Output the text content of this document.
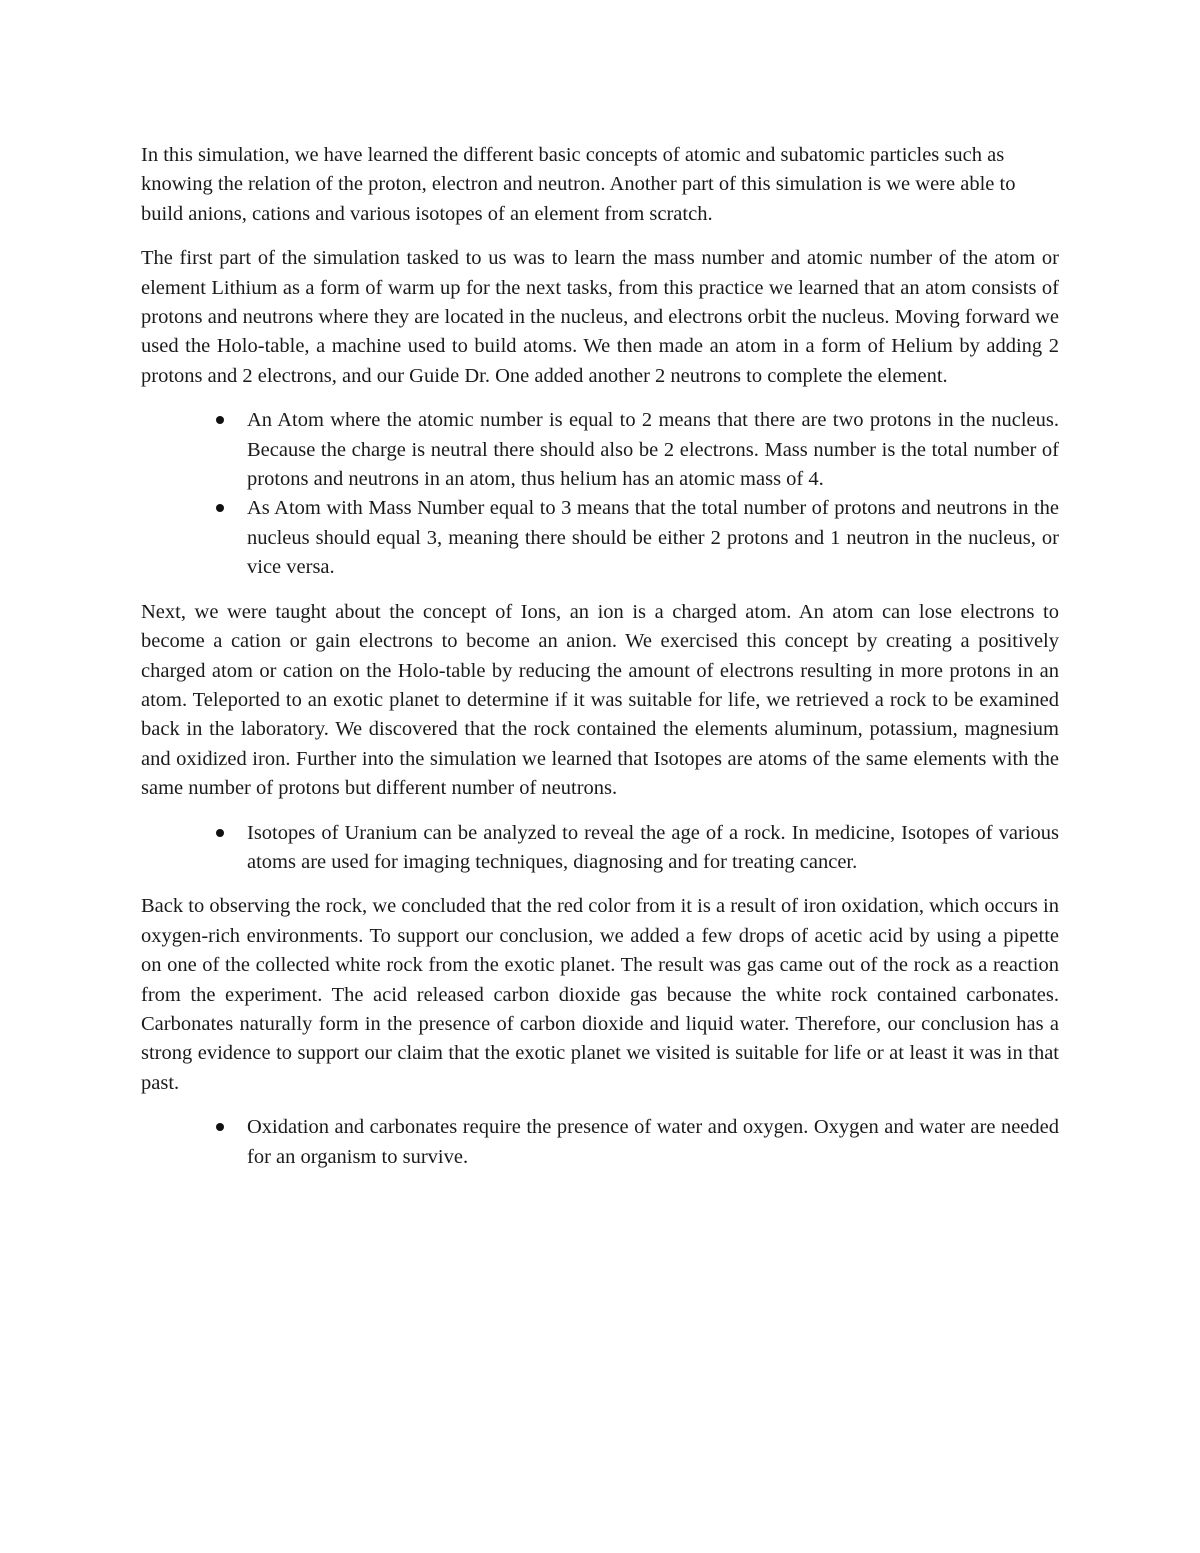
In this simulation, we have learned the different basic concepts of atomic and subatomic particles such as knowing the relation of the proton, electron and neutron. Another part of this simulation is we were able to build anions, cations and various isotopes of an element from scratch.

The first part of the simulation tasked to us was to learn the mass number and atomic number of the atom or element Lithium as a form of warm up for the next tasks, from this practice we learned that an atom consists of protons and neutrons where they are located in the nucleus, and electrons orbit the nucleus. Moving forward we used the Holo-table, a machine used to build atoms. We then made an atom in a form of Helium by adding 2 protons and 2 electrons, and our Guide Dr. One added another 2 neutrons to complete the element.

An Atom where the atomic number is equal to 2 means that there are two protons in the nucleus. Because the charge is neutral there should also be 2 electrons. Mass number is the total number of protons and neutrons in an atom, thus helium has an atomic mass of 4.
As Atom with Mass Number equal to 3 means that the total number of protons and neutrons in the nucleus should equal 3, meaning there should be either 2 protons and 1 neutron in the nucleus, or vice versa.

Next, we were taught about the concept of Ions, an ion is a charged atom. An atom can lose electrons to become a cation or gain electrons to become an anion. We exercised this concept by creating a positively charged atom or cation on the Holo-table by reducing the amount of electrons resulting in more protons in an atom. Teleported to an exotic planet to determine if it was suitable for life, we retrieved a rock to be examined back in the laboratory. We discovered that the rock contained the elements aluminum, potassium, magnesium and oxidized iron. Further into the simulation we learned that Isotopes are atoms of the same elements with the same number of protons but different number of neutrons.

Isotopes of Uranium can be analyzed to reveal the age of a rock. In medicine, Isotopes of various atoms are used for imaging techniques, diagnosing and for treating cancer.

Back to observing the rock, we concluded that the red color from it is a result of iron oxidation, which occurs in oxygen-rich environments. To support our conclusion, we added a few drops of acetic acid by using a pipette on one of the collected white rock from the exotic planet. The result was gas came out of the rock as a reaction from the experiment. The acid released carbon dioxide gas because the white rock contained carbonates. Carbonates naturally form in the presence of carbon dioxide and liquid water. Therefore, our conclusion has a strong evidence to support our claim that the exotic planet we visited is suitable for life or at least it was in that past.

Oxidation and carbonates require the presence of water and oxygen. Oxygen and water are needed for an organism to survive.
